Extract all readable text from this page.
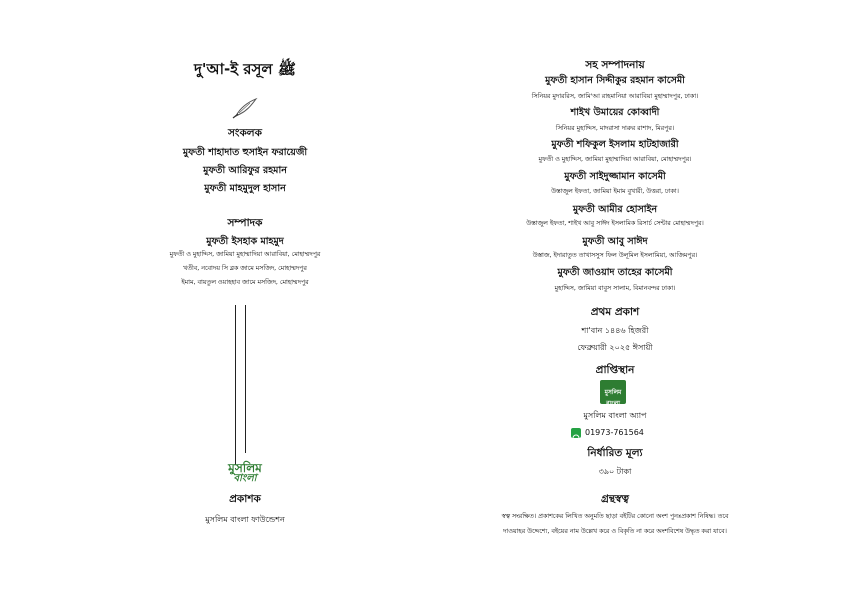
দু'আ-ই রসূল ﷺ
সংকলক
মুফতী শাহাদাত হুসাইন ফরায়েজী
মুফতী আরিফুর রহমান
মুফতী মাহমুদুল হাসান
সম্পাদক
মুফতী ইসহাক মাহমুদ
মুফতী ও মুহাদ্দিস, জামিয়া মুহাম্মাদিয়া আরাবিয়া, মোহাম্মদপুর
খতীব, নবোদয় সি ব্লক জামে মসজিদ, মোহাম্মদপুর
ইমাম, বায়তুল ওয়াহহাব জামে মসজিদ, মোহাম্মদপুর
মুসলিম
বাংলা
প্রকাশক
মুসলিম বাংলা ফাউন্ডেশন
সহ সম্পাদনায়
মুফতী হাসান সিদ্দীকুর রহমান কাসেমী
সিনিয়র মুদাররিস, জামি'আ রাহমানিয়া আরাবিয়া মুহাম্মাদপুর, ঢাকা।
শাইখ উমায়ের কোব্বাদী
সিনিয়র মুহাদ্দিস, মাদরাসা দারুর রাশাদ, মিরপুর।
মুফতী শফিকুল ইসলাম হাটহাজারী
মুফতী ও মুহাদ্দিস, জামিয়া মুহাম্মাদিয়া আরাবিয়া, মোহাম্মদপুর।
মুফতী সাইদুজ্জামান কাসেমী
উস্তাজুল ইফতা, জামিয়া ইমাম বুখারী, উত্তরা, ঢাকা।
মুফতী আমীর হোসাইন
উস্তাজুল ইফতা, শাইখ আবু সাঈদ ইসলামিক রিসার্চ সেন্টার মোহাম্মদপুর।
মুফতী আবু সাঈদ
উস্তাজ, ইদারাতুত তাখাসসুস ফিল উলূমিল ইসলামিয়া, আজিমপুর।
মুফতী জাওয়াদ তাহের কাসেমী
মুহাদ্দিস, জামিয়া বাবুস সালাম, বিমানবন্দর ঢাকা।
প্রথম প্রকাশ
শা'বান ১৪৪৬ হিজরী
ফেব্রুয়ারী ২০২৫ ঈসায়ী
প্রাপ্তিস্থান
মুসলিম বাংলা
মুসলিম বাংলা অ্যাপ
01973-761564
নির্ধারিত মূল্য
৩৯০ টাকা
গ্রন্থস্বত্ব
স্বত্ব সংরক্ষিত। প্রকাশকের লিখিত অনুমতি ছাড়া বইটির কোনো অংশ পুনঃপ্রকাশ নিষিদ্ধ। তবে
দাওয়াহর উদ্দেশ্যে, বইয়ের নাম উল্লেখ করে ও বিকৃতি না করে অংশবিশেষ উদ্ধৃত করা যাবে।
